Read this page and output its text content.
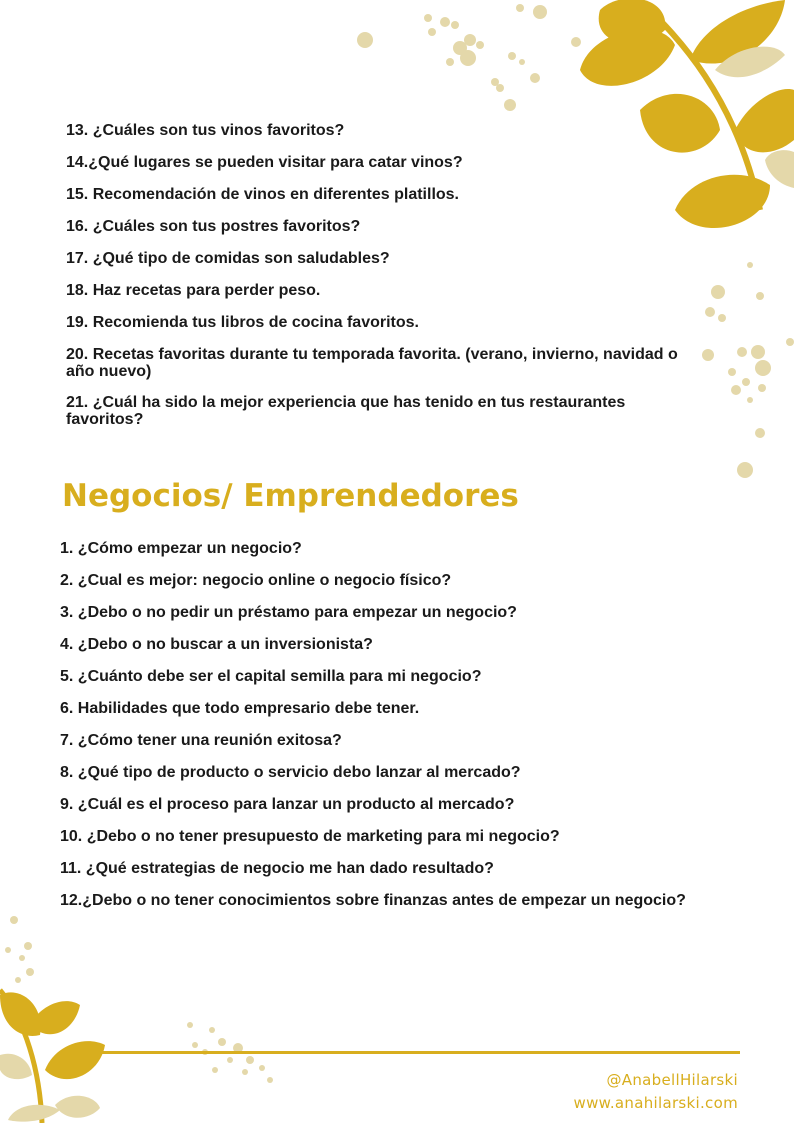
13. ¿Cuáles son tus vinos favoritos?
14.¿Qué lugares se pueden visitar para catar vinos?
15. Recomendación de vinos en diferentes platillos.
16. ¿Cuáles son tus postres favoritos?
17. ¿Qué tipo de comidas son saludables?
18. Haz recetas para perder peso.
19. Recomienda tus libros de cocina favoritos.
20. Recetas favoritas durante tu temporada favorita. (verano, invierno, navidad o año nuevo)
21. ¿Cuál ha sido la mejor experiencia que has tenido en tus restaurantes favoritos?
Negocios/ Emprendedores
1. ¿Cómo empezar un negocio?
2. ¿Cual es mejor: negocio online o negocio físico?
3. ¿Debo o no pedir un préstamo para empezar un negocio?
4. ¿Debo o no buscar a un inversionista?
5. ¿Cuánto debe ser el capital semilla para mi negocio?
6. Habilidades que todo empresario debe tener.
7. ¿Cómo tener una reunión exitosa?
8. ¿Qué tipo de producto o servicio debo lanzar al mercado?
9. ¿Cuál es el proceso para lanzar un producto al mercado?
10. ¿Debo o no tener presupuesto de marketing para mi negocio?
11. ¿Qué estrategias de negocio me han dado resultado?
12.¿Debo o no tener conocimientos sobre finanzas antes de empezar un negocio?
@AnabellHilarski
www.anahilarski.com
